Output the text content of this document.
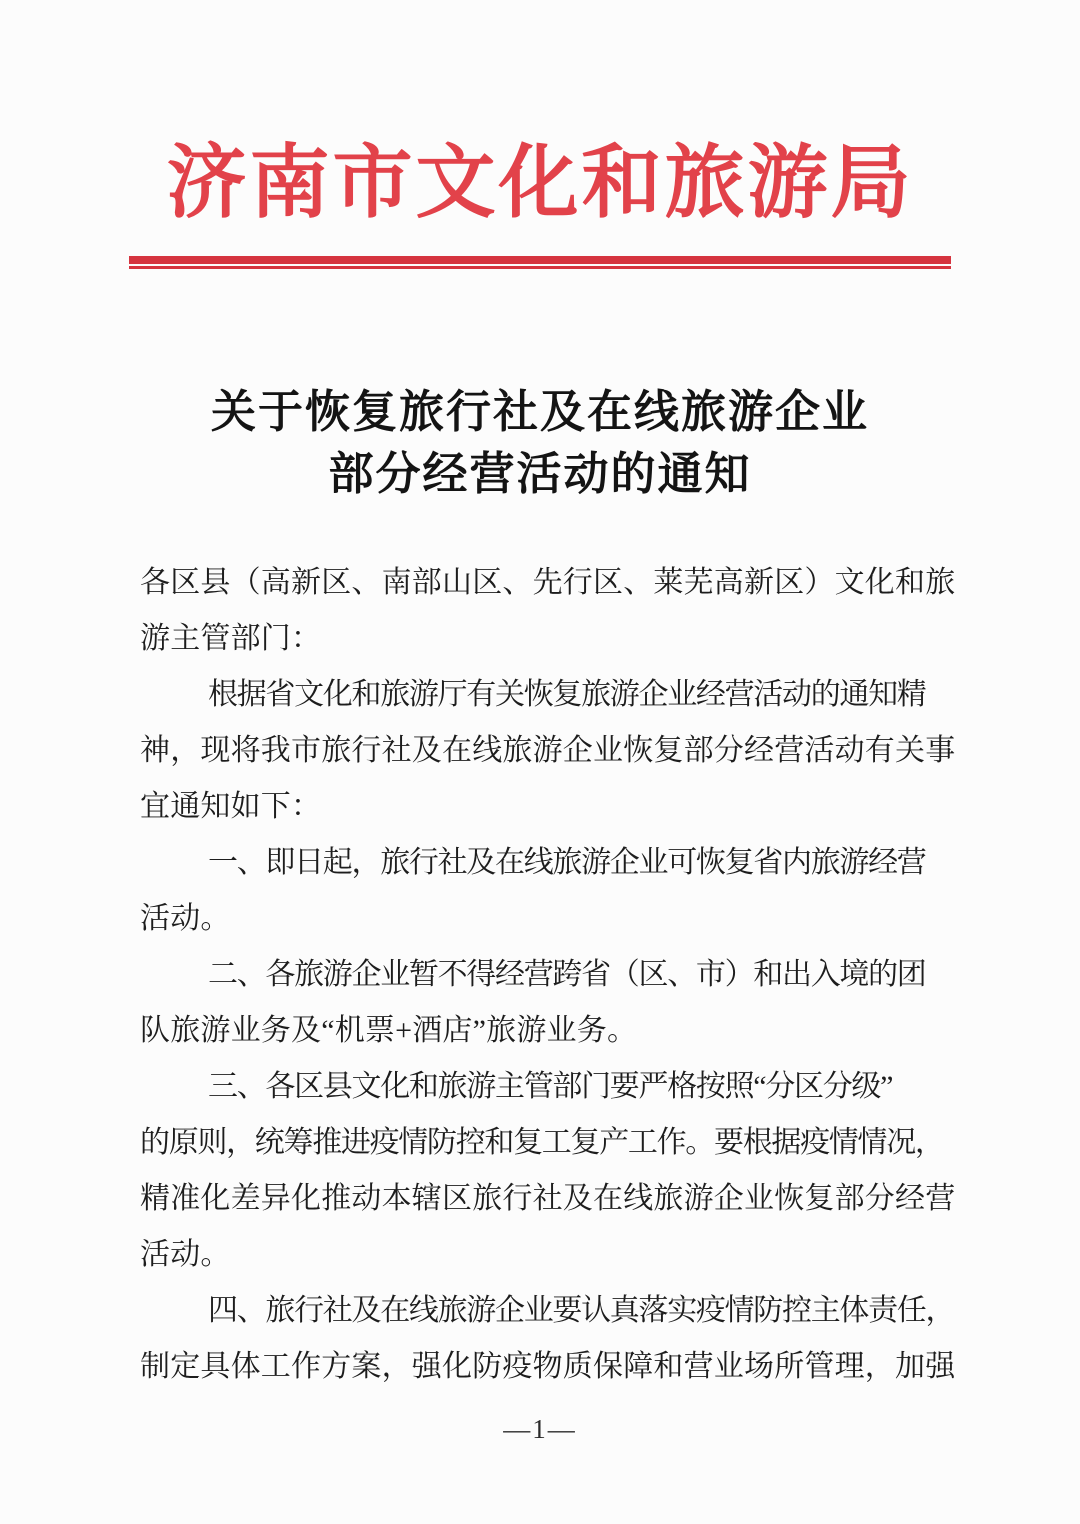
济南市文化和旅游局
关于恢复旅行社及在线旅游企业
部分经营活动的通知
各区县（高新区、南部山区、先行区、莱芜高新区）文化和旅
游主管部门：
根据省文化和旅游厅有关恢复旅游企业经营活动的通知精
神，现将我市旅行社及在线旅游企业恢复部分经营活动有关事
宜通知如下：
一、即日起，旅行社及在线旅游企业可恢复省内旅游经营
活动。
二、各旅游企业暂不得经营跨省（区、市）和出入境的团
队旅游业务及“机票+酒店”旅游业务。
三、各区县文化和旅游主管部门要严格按照“分区分级”
的原则，统筹推进疫情防控和复工复产工作。要根据疫情情况，
精准化差异化推动本辖区旅行社及在线旅游企业恢复部分经营
活动。
四、旅行社及在线旅游企业要认真落实疫情防控主体责任，
制定具体工作方案，强化防疫物质保障和营业场所管理，加强
—1—
